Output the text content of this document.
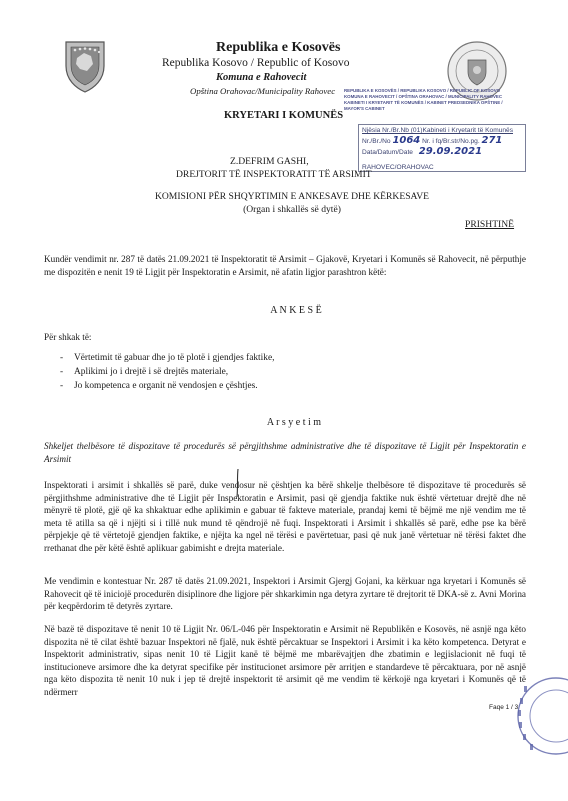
Republika e Kosovës
Republika Kosovo / Republic of Kosovo
Komuna e Rahovecit
Opština Orahovac/Municipality Rahovec
KRYETARI I KOMUNËS
REPUBLIKA E KOSOVËS / REPUBLIKA KOSOVO / REPUBLIC OF KOSOVO
KOMUNA E RAHOVECIT / OPŠTINA ORAHOVAC / MUNICIPALITY RAHOVEC
KABINETI I KRYETARIT TË KOMUNËS / KABINET PREDSEDNIKA OPŠTINE / MAYOR'S CABINET
Njësia Nr./Br.Nb (01)Kabineti i Kryetarit të Komunës
Nr./Br./No 1064 Nr. i fq/Br.str/No.pg. 271
Data/Datum/Date 29.09.2021
RAHOVEC/ORAHOVAC
Z.DEFRIM GASHI,
DREJTORIT TË INSPEKTORATIT TË ARSIMIT
KOMISIONI PËR SHQYRTIMIN E ANKESAVE DHE KËRKESAVE
(Organ i shkallës së dytë)
PRISHTINË
Kundër vendimit nr. 287 të datës 21.09.2021 të Inspektoratit të Arsimit – Gjakovë, Kryetari i Komunës së Rahovecit, në përputhje me dispozitën e nenit 19 të Ligjit për Inspektoratin e Arsimit, në afatin ligjor parashtron këtë:
A N K E S Ë
Për shkak të:
- Vërtetimit të gabuar dhe jo të plotë i gjendjes faktike,
- Aplikimi jo i drejtë i së drejtës materiale,
- Jo kompetenca e organit në vendosjen e çështjes.
A r s y e t i m
Shkeljet thelbësore të dispozitave të procedurës së përgjithshme administrative dhe të dispozitave të Ligjit për Inspektoratin e Arsimit
Inspektorati i arsimit i shkallës së parë, duke vendosur në çështjen ka bërë shkelje thelbësore të dispozitave të procedurës së përgjithshme administrative dhe të Ligjit për Inspektoratin e Arsimit, pasi që gjendja faktike nuk është vërtetuar drejtë dhe në mënyrë të plotë, gjë që ka shkaktuar edhe aplikimin e gabuar të fakteve materiale, prandaj kemi të bëjmë me një vendim me të meta të atilla sa që i njëjti si i tillë nuk mund të qëndrojë në fuqi. Inspektorati i Arsimit i shkallës së parë, edhe pse ka bërë përpjekje që të vërtetojë gjendjen faktike, e njëjta ka ngel në tërësi e pavërtetuar, pasi që nuk janë vërtetuar në tërësi faktet dhe rrethanat dhe për këtë është aplikuar gabimisht e drejta materiale.
Me vendimin e kontestuar Nr. 287 të datës 21.09.2021, Inspektori i Arsimit Gjergj Gojani, ka kërkuar nga kryetari i Komunës së Rahovecit që të iniciojë procedurën disiplinore dhe ligjore për shkarkimin nga detyra zyrtare të drejtorit të DKA-së z. Avni Morina për keqpërdorim të detyrës zyrtare.
Në bazë të dispozitave të nenit 10 të Ligjit Nr. 06/L-046 për Inspektoratin e Arsimit në Republikën e Kosovës, në asnjë nga këto dispozita në të cilat është bazuar Inspektori në fjalë, nuk është përcaktuar se Inspektori i Arsimit i ka këto kompetenca. Detyrat e Inspektorit administrativ, sipas nenit 10 të Ligjit kanë të bëjmë me mbarëvajtjen dhe zbatimin e legjislacionit në fuqi të institucioneve arsimore dhe ka detyrat specifike për institucionet arsimore për arritjen e standardeve të përcaktuara, por në asnjë nga këto dispozita të nenit 10 nuk i jep të drejtë inspektorit të arsimit që me vendim të kërkojë nga kryetari i Komunës që të ndërmerr
Faqe 1 / 3
